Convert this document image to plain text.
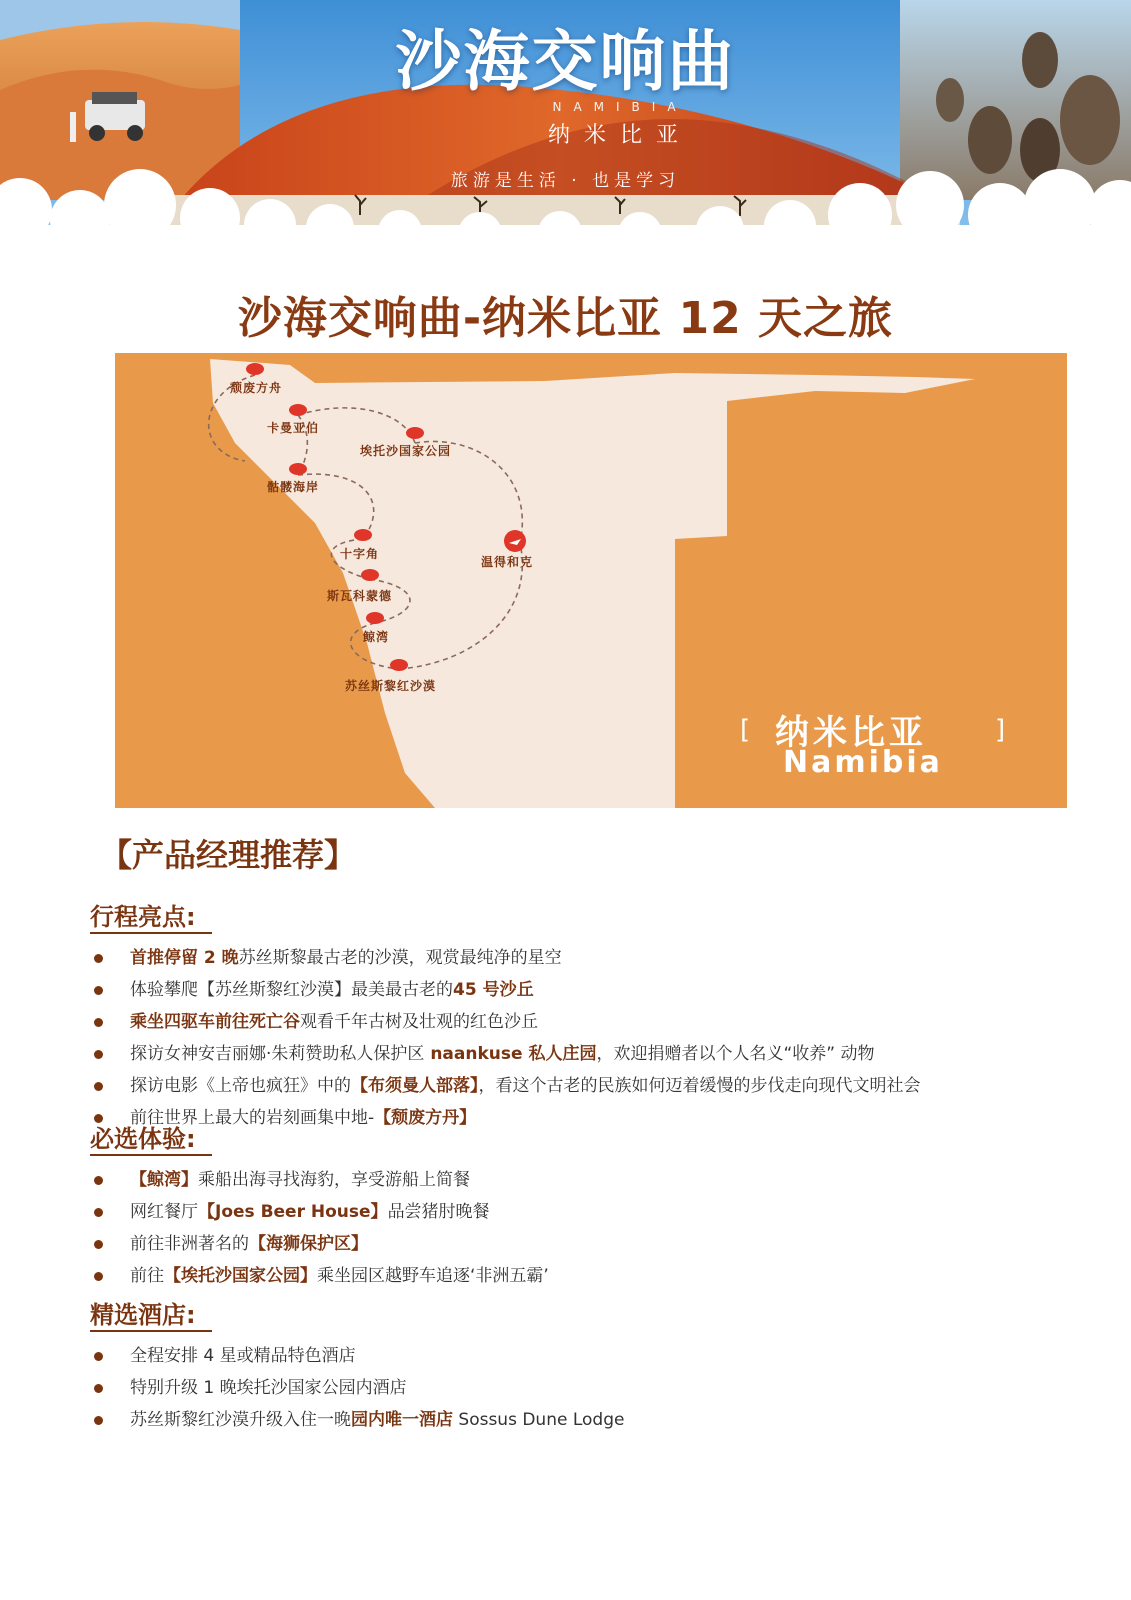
沙海交响曲
NAMIBIA
纳米比亚
旅游是生活 · 也是学习
沙海交响曲-纳米比亚 12 天之旅
颓废方舟
卡曼亚伯
埃托沙国家公园
骷髅海岸
十字角
温得和克
斯瓦科蒙德
鲸湾
苏丝斯黎红沙漠
[ 纳米比亚
Namibia
]
【产品经理推荐】
行程亮点:
首推停留 2 晚苏丝斯黎最古老的沙漠，观赏最纯净的星空
体验攀爬【苏丝斯黎红沙漠】最美最古老的45 号沙丘
乘坐四驱车前往死亡谷观看千年古树及壮观的红色沙丘
探访女神安吉丽娜·朱莉赞助私人保护区 naankuse 私人庄园，欢迎捐赠者以个人名义“收养” 动物
探访电影《上帝也疯狂》中的【布须曼人部落】，看这个古老的民族如何迈着缓慢的步伐走向现代文明社会
前往世界上最大的岩刻画集中地-【颓废方丹】
必选体验:
【鲸湾】乘船出海寻找海豹，享受游船上简餐
网红餐厅【Joes Beer House】品尝猪肘晚餐
前往非洲著名的【海狮保护区】
前往【埃托沙国家公园】乘坐园区越野车追逐‘非洲五霸’
精选酒店:
全程安排 4 星或精品特色酒店
特别升级 1 晚埃托沙国家公园内酒店
苏丝斯黎红沙漠升级入住一晚园内唯一酒店 Sossus Dune Lodge
